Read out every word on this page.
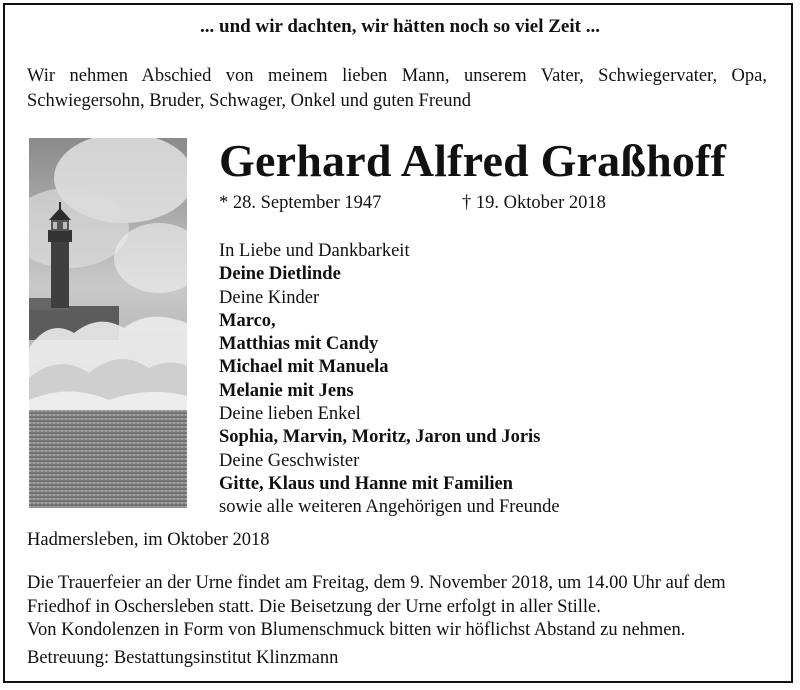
... und wir dachten, wir hätten noch so viel Zeit ...
Wir nehmen Abschied von meinem lieben Mann, unserem Vater, Schwiegervater, Opa, Schwiegersohn, Bruder, Schwager, Onkel und guten Freund
Gerhard Alfred Graßhoff
* 28. September 1947	† 19. Oktober 2018
In Liebe und Dankbarkeit
Deine Dietlinde
Deine Kinder
Marco,
Matthias mit Candy
Michael mit Manuela
Melanie mit Jens
Deine lieben Enkel
Sophia, Marvin, Moritz, Jaron und Joris
Deine Geschwister
Gitte, Klaus und Hanne mit Familien
sowie alle weiteren Angehörigen und Freunde
Hadmersleben, im Oktober 2018
Die Trauerfeier an der Urne findet am Freitag, dem 9. November 2018, um 14.00 Uhr auf dem
Friedhof in Oschersleben statt. Die Beisetzung der Urne erfolgt in aller Stille.
Von Kondolenzen in Form von Blumenschmuck bitten wir höflichst Abstand zu nehmen.
Betreuung: Bestattungsinstitut Klinzmann
